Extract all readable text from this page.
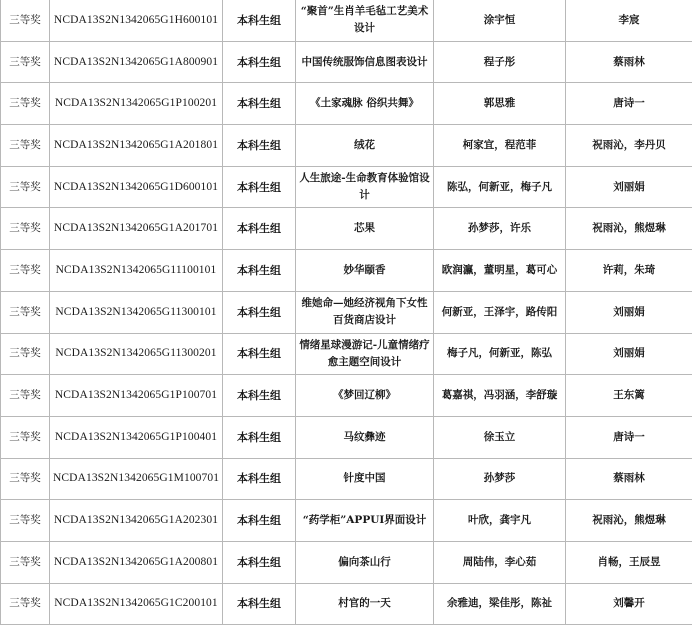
三等奖	NCDA13S2N1342065G1H600101	本科生组	“聚首”生肖羊毛毡工艺美术设计	涂宇恒	李宸
三等奖	NCDA13S2N1342065G1A800901	本科生组	中国传统服饰信息图表设计	程子彤	蔡雨林
三等奖	NCDA13S2N1342065G1P100201	本科生组	《土家魂脉 俗织共舞》	郭思雅	唐诗一
三等奖	NCDA13S2N1342065G1A201801	本科生组	绒花	柯家宜，程范菲	祝雨沁，李丹贝
三等奖	NCDA13S2N1342065G1D600101	本科生组	人生旅途-生命教育体验馆设计	陈弘，何新亚，梅子凡	刘丽娟
三等奖	NCDA13S2N1342065G1A201701	本科生组	芯果	孙梦莎，许乐	祝雨沁，熊煜琳
三等奖	NCDA13S2N1342065G11100101	本科生组	妙华颐香	欧润瀛，董明星，葛可心	许莉，朱琦
三等奖	NCDA13S2N1342065G11300101	本科生组	维她命—她经济视角下女性百货商店设计	何新亚，王泽宇，路传阳	刘丽娟
三等奖	NCDA13S2N1342065G11300201	本科生组	情绪星球漫游记-儿童情绪疗愈主题空间设计	梅子凡，何新亚，陈弘	刘丽娟
三等奖	NCDA13S2N1342065G1P100701	本科生组	《梦回辽柳》	葛嘉祺，冯羽涵，李舒璇	王东篱
三等奖	NCDA13S2N1342065G1P100401	本科生组	马纹彝迹	徐玉立	唐诗一
三等奖	NCDA13S2N1342065G1M100701	本科生组	针度中国	孙梦莎	蔡雨林
三等奖	NCDA13S2N1342065G1A202301	本科生组	“药学柜”APPUI界面设计	叶欣，龚宇凡	祝雨沁，熊煜琳
三等奖	NCDA13S2N1342065G1A200801	本科生组	偏向茶山行	周陆伟，李心茹	肖畅，王辰昱
三等奖	NCDA13S2N1342065G1C200101	本科生组	村官的一天	余雅迪，梁佳彤，陈祉	刘馨开
